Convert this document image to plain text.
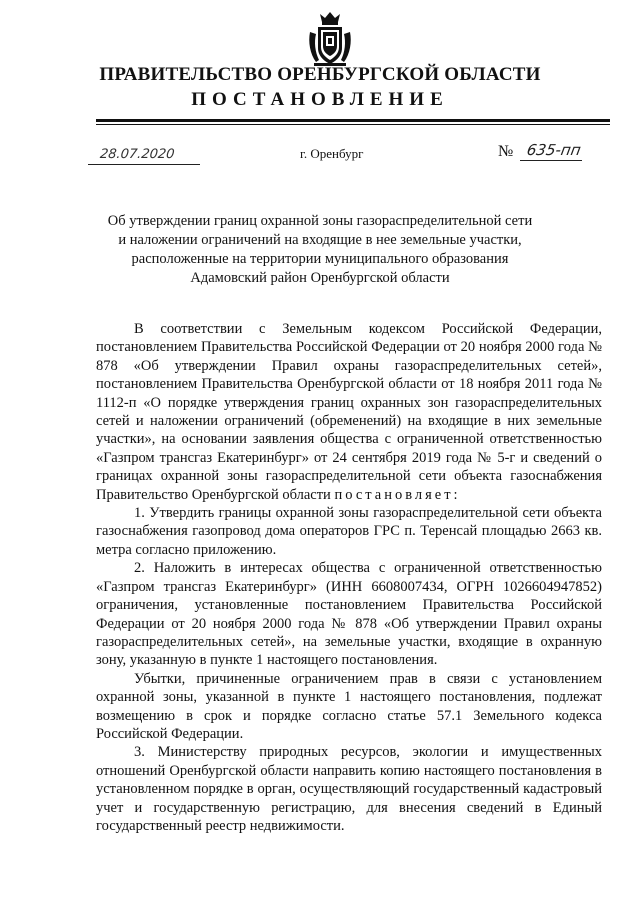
ПРАВИТЕЛЬСТВО ОРЕНБУРГСКОЙ ОБЛАСТИ
ПОСТАНОВЛЕНИЕ
28.07.2020	г. Оренбург	№ 635-пп
Об утверждении границ охранной зоны газораспределительной сети
и наложении ограничений на входящие в нее земельные участки,
расположенные на территории муниципального образования
Адамовский район Оренбургской области

В соответствии с Земельным кодексом Российской Федерации, постановлением Правительства Российской Федерации от 20 ноября 2000 года № 878 «Об утверждении Правил охраны газораспределительных сетей», постановлением Правительства Оренбургской области от 18 ноября 2011 года № 1112-п «О порядке утверждения границ охранных зон газораспределительных сетей и наложении ограничений (обременений) на входящие в них земельные участки», на основании заявления общества с ограниченной ответственностью «Газпром трансгаз Екатеринбург» от 24 сентября 2019 года № 5-г и сведений о границах охранной зоны газораспределительной сети объекта газоснабжения Правительство Оренбургской области постановляет:

1. Утвердить границы охранной зоны газораспределительной сети объекта газоснабжения газопровод дома операторов ГРС п. Теренсай площадью 2663 кв. метра согласно приложению.

2. Наложить в интересах общества с ограниченной ответственностью «Газпром трансгаз Екатеринбург» (ИНН 6608007434, ОГРН 1026604947852) ограничения, установленные постановлением Правительства Российской Федерации от 20 ноября 2000 года № 878 «Об утверждении Правил охраны газораспределительных сетей», на земельные участки, входящие в охранную зону, указанную в пункте 1 настоящего постановления.

Убытки, причиненные ограничением прав в связи с установлением охранной зоны, указанной в пункте 1 настоящего постановления, подлежат возмещению в срок и порядке согласно статье 57.1 Земельного кодекса Российской Федерации.

3. Министерству природных ресурсов, экологии и имущественных отношений Оренбургской области направить копию настоящего постановления в установленном порядке в орган, осуществляющий государственный кадастровый учет и государственную регистрацию, для внесения сведений в Единый государственный реестр недвижимости.
